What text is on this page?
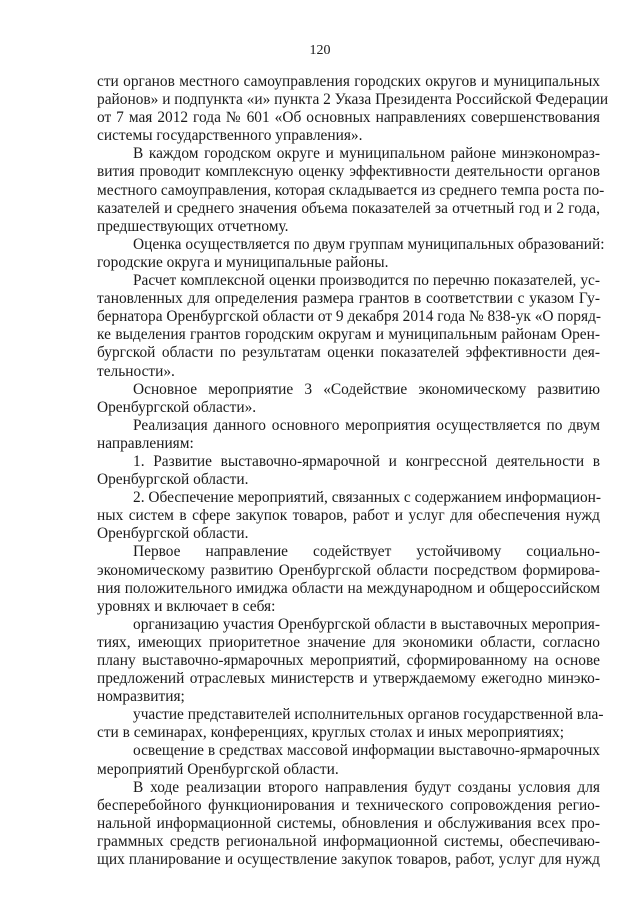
120
сти органов местного самоуправления городских округов и муниципальных
районов» и подпункта «и» пункта 2 Указа Президента Российской Федерации
от 7 мая 2012 года № 601 «Об основных направлениях совершенствования
системы государственного управления».
В каждом городском округе и муниципальном районе минэкономраз-
вития проводит комплексную оценку эффективности деятельности органов
местного самоуправления, которая складывается из среднего темпа роста по-
казателей и среднего значения объема показателей за отчетный год и 2 года,
предшествующих отчетному.
Оценка осуществляется по двум группам муниципальных образований:
городские округа и муниципальные районы.
Расчет комплексной оценки производится по перечню показателей, ус-
тановленных для определения размера грантов в соответствии с указом Гу-
бернатора Оренбургской области от 9 декабря 2014 года № 838-ук «О поряд-
ке выделения грантов городским округам и муниципальным районам Орен-
бургской области по результатам оценки показателей эффективности дея-
тельности».
Основное мероприятие 3 «Содействие экономическому развитию
Оренбургской области».
Реализация данного основного мероприятия осуществляется по двум
направлениям:
1. Развитие выставочно-ярмарочной и конгрессной деятельности в
Оренбургской области.
2. Обеспечение мероприятий, связанных с содержанием информацион-
ных систем в сфере закупок товаров, работ и услуг для обеспечения нужд
Оренбургской области.
Первое направление содействует устойчивому социально-
экономическому развитию Оренбургской области посредством формирова-
ния положительного имиджа области на международном и общероссийском
уровнях и включает в себя:
организацию участия Оренбургской области в выставочных мероприя-
тиях, имеющих приоритетное значение для экономики области, согласно
плану выставочно-ярмарочных мероприятий, сформированному на основе
предложений отраслевых министерств и утверждаемому ежегодно минэко-
номразвития;
участие представителей исполнительных органов государственной вла-
сти в семинарах, конференциях, круглых столах и иных мероприятиях;
освещение в средствах массовой информации выставочно-ярмарочных
мероприятий Оренбургской области.
В ходе реализации второго направления будут созданы условия для
бесперебойного функционирования и технического сопровождения регио-
нальной информационной системы, обновления и обслуживания всех про-
граммных средств региональной информационной системы, обеспечиваю-
щих планирование и осуществление закупок товаров, работ, услуг для нужд
